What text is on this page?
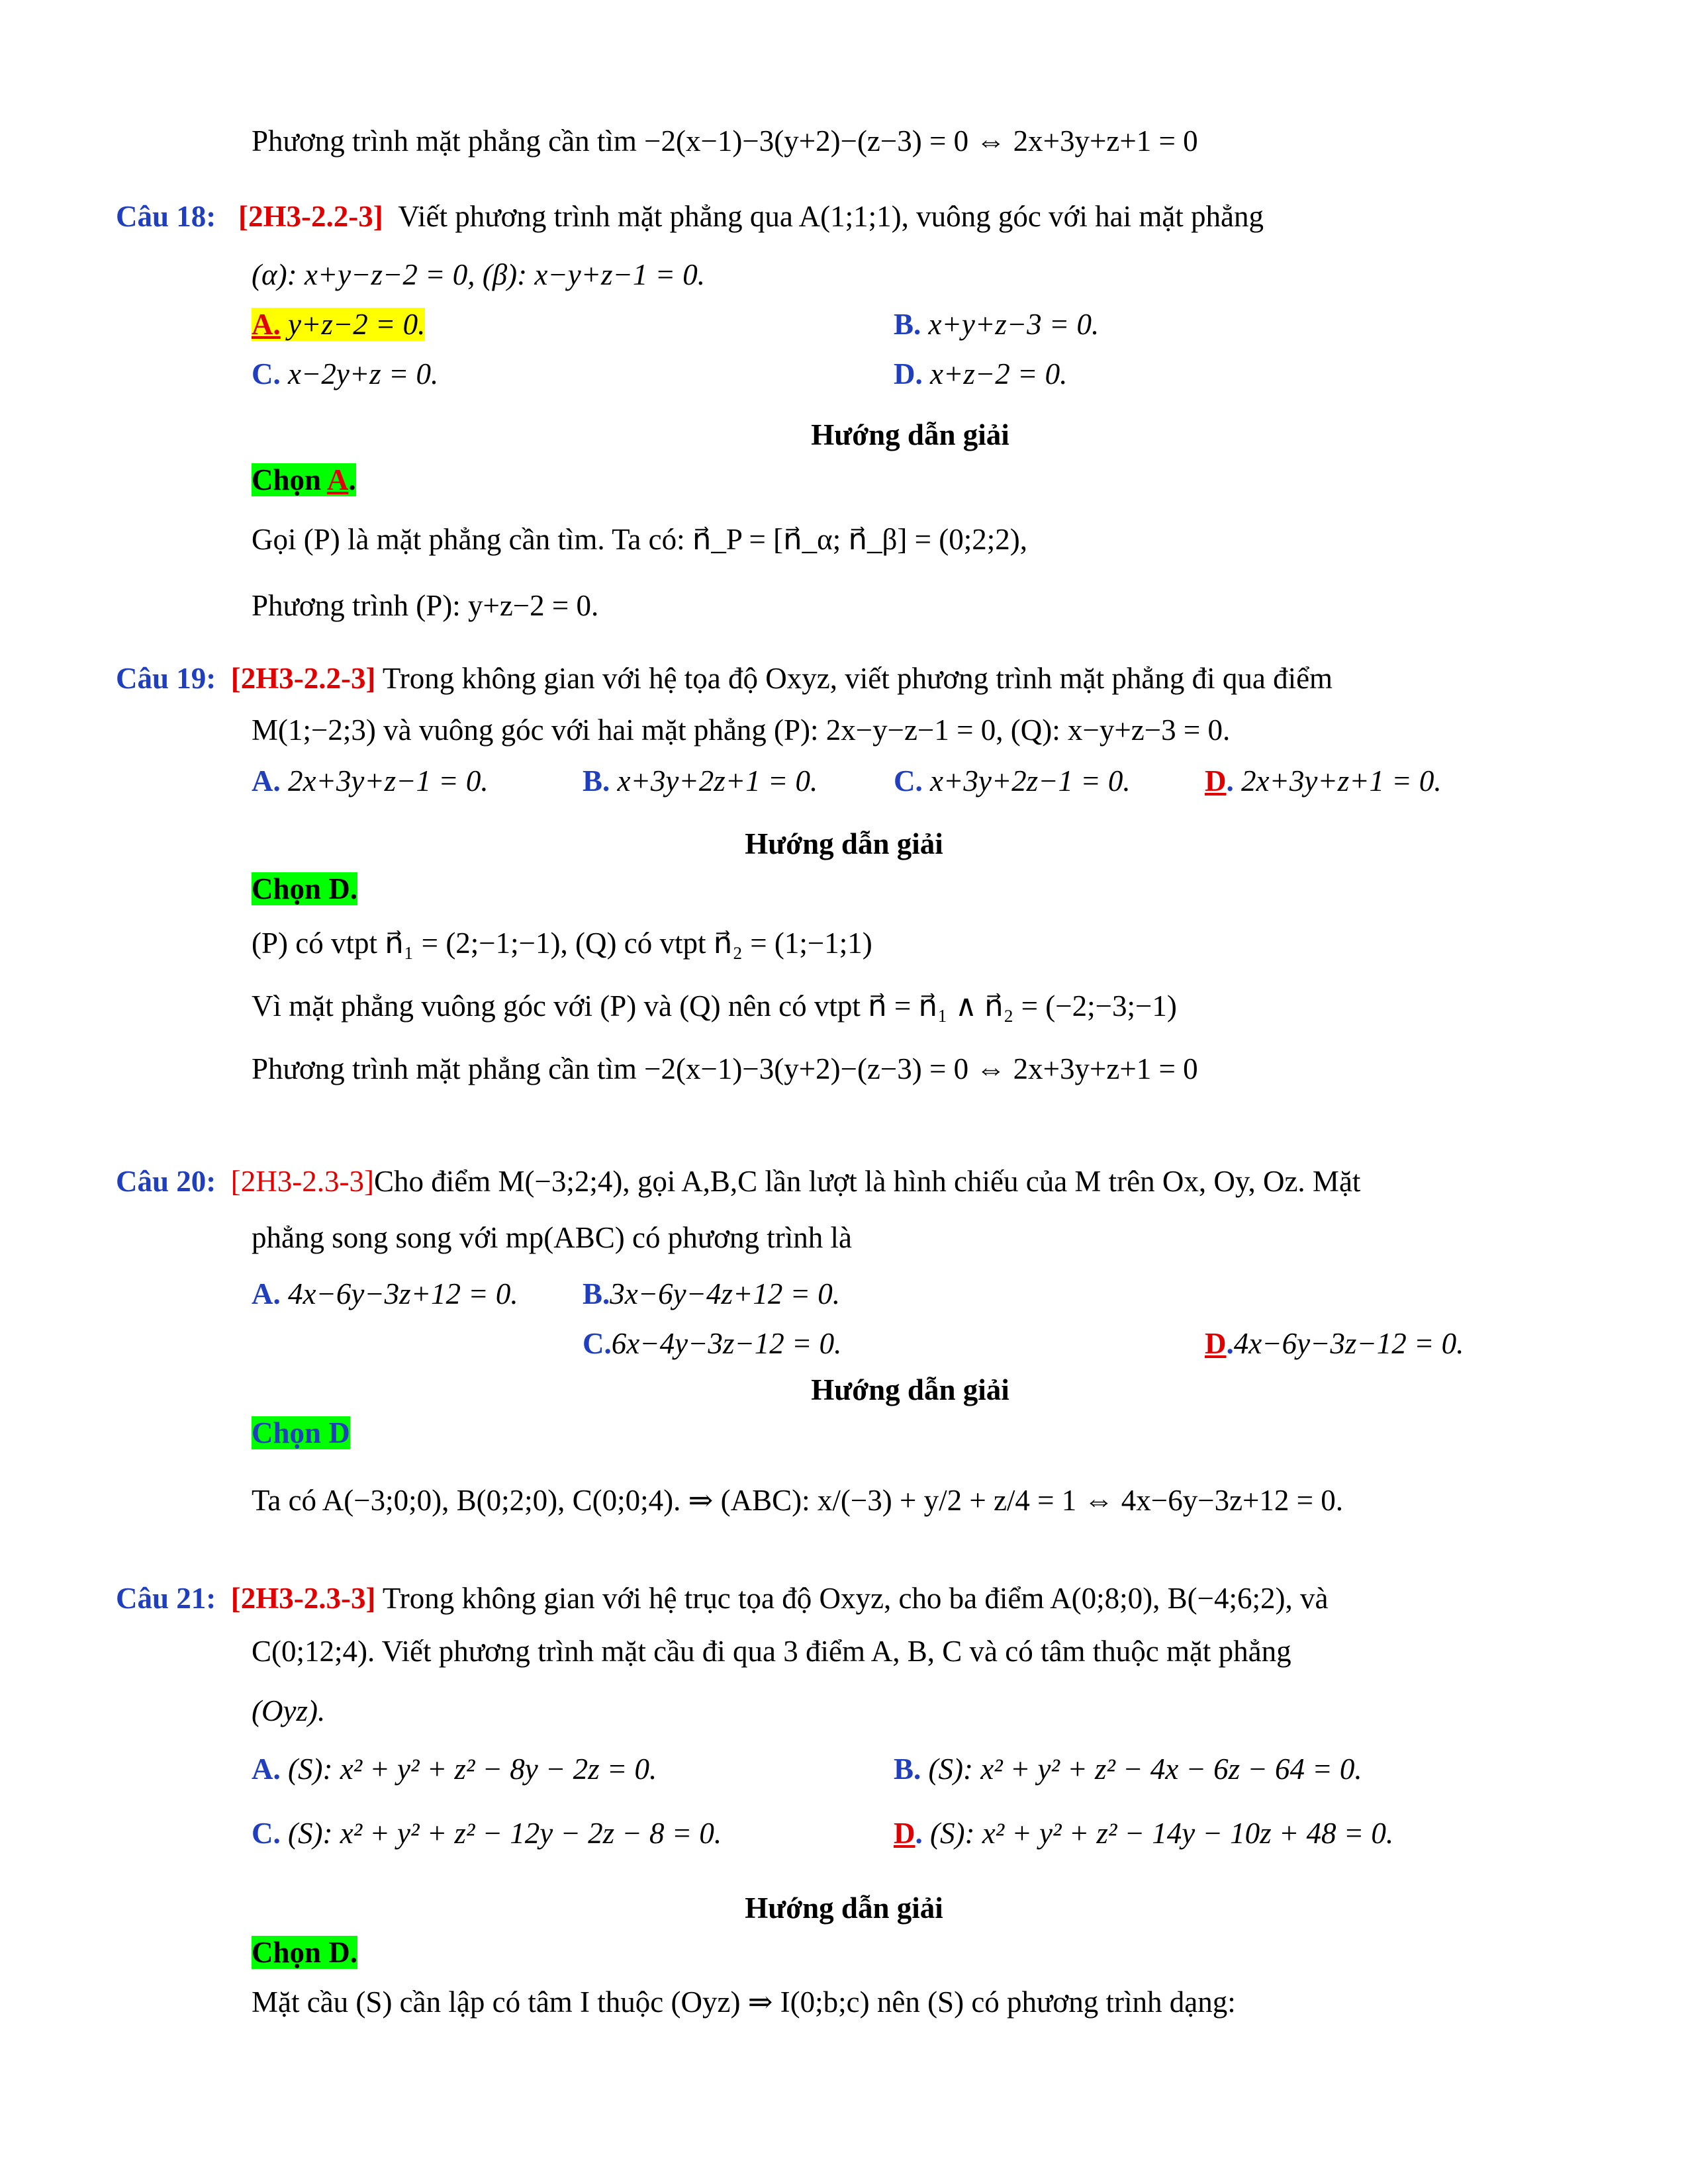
Phương trình mặt phẳng cần tìm −2(x−1)−3(y+2)−(z−3) = 0 ⇔ 2x+3y+z+1 = 0
Câu 18: [2H3-2.2-3] Viết phương trình mặt phẳng qua A(1;1;1), vuông góc với hai mặt phẳng
(α): x+y−z−2 = 0, (β): x−y+z−1 = 0.
A. y+z−2 = 0.	B. x+y+z−3 = 0.
C. x−2y+z = 0.	D. x+z−2 = 0.
Hướng dẫn giải
Chọn A.
Gọi (P) là mặt phẳng cần tìm. Ta có: n⃗_P = [n⃗_α; n⃗_β] = (0;2;2),
Phương trình (P): y+z−2 = 0.
Câu 19: [2H3-2.2-3] Trong không gian với hệ tọa độ Oxyz, viết phương trình mặt phẳng đi qua điểm
M(1;−2;3) và vuông góc với hai mặt phẳng (P): 2x−y−z−1 = 0, (Q): x−y+z−3 = 0.
A. 2x+3y+z−1 = 0.	B. x+3y+2z+1 = 0.	C. x+3y+2z−1 = 0. D. 2x+3y+z+1 = 0.
Hướng dẫn giải
Chọn D.
(P) có vtpt n⃗₁ = (2;−1;−1), (Q) có vtpt n⃗₂ = (1;−1;1)
Vì mặt phẳng vuông góc với (P) và (Q) nên có vtpt n⃗ = n⃗₁ ∧ n⃗₂ = (−2;−3;−1)
Phương trình mặt phẳng cần tìm −2(x−1)−3(y+2)−(z−3) = 0 ⇔ 2x+3y+z+1 = 0
Câu 20: [2H3-2.3-3]Cho điểm M(−3;2;4), gọi A,B,C lần lượt là hình chiếu của M trên Ox, Oy, Oz. Mặt
phẳng song song với mp(ABC) có phương trình là
A. 4x−6y−3z+12 = 0. B.3x−6y−4z+12 = 0.
C.6x−4y−3z−12 = 0.	D.4x−6y−3z−12 = 0.
Hướng dẫn giải
Chọn D
Ta có A(−3;0;0), B(0;2;0), C(0;0;4). ⇒ (ABC): x/(−3) + y/2 + z/4 = 1 ⇔ 4x−6y−3z+12 = 0.
Câu 21: [2H3-2.3-3] Trong không gian với hệ trục tọa độ Oxyz, cho ba điểm A(0;8;0), B(−4;6;2), và
C(0;12;4). Viết phương trình mặt cầu đi qua 3 điểm A, B, C và có tâm thuộc mặt phẳng
(Oyz).
A. (S): x² + y² + z² − 8y − 2z = 0.	B. (S): x² + y² + z² − 4x − 6z − 64 = 0.
C. (S): x² + y² + z² − 12y − 2z − 8 = 0.	D. (S): x² + y² + z² − 14y − 10z + 48 = 0.
Hướng dẫn giải
Chọn D.
Mặt cầu (S) cần lập có tâm I thuộc (Oyz) ⇒ I(0;b;c) nên (S) có phương trình dạng:
